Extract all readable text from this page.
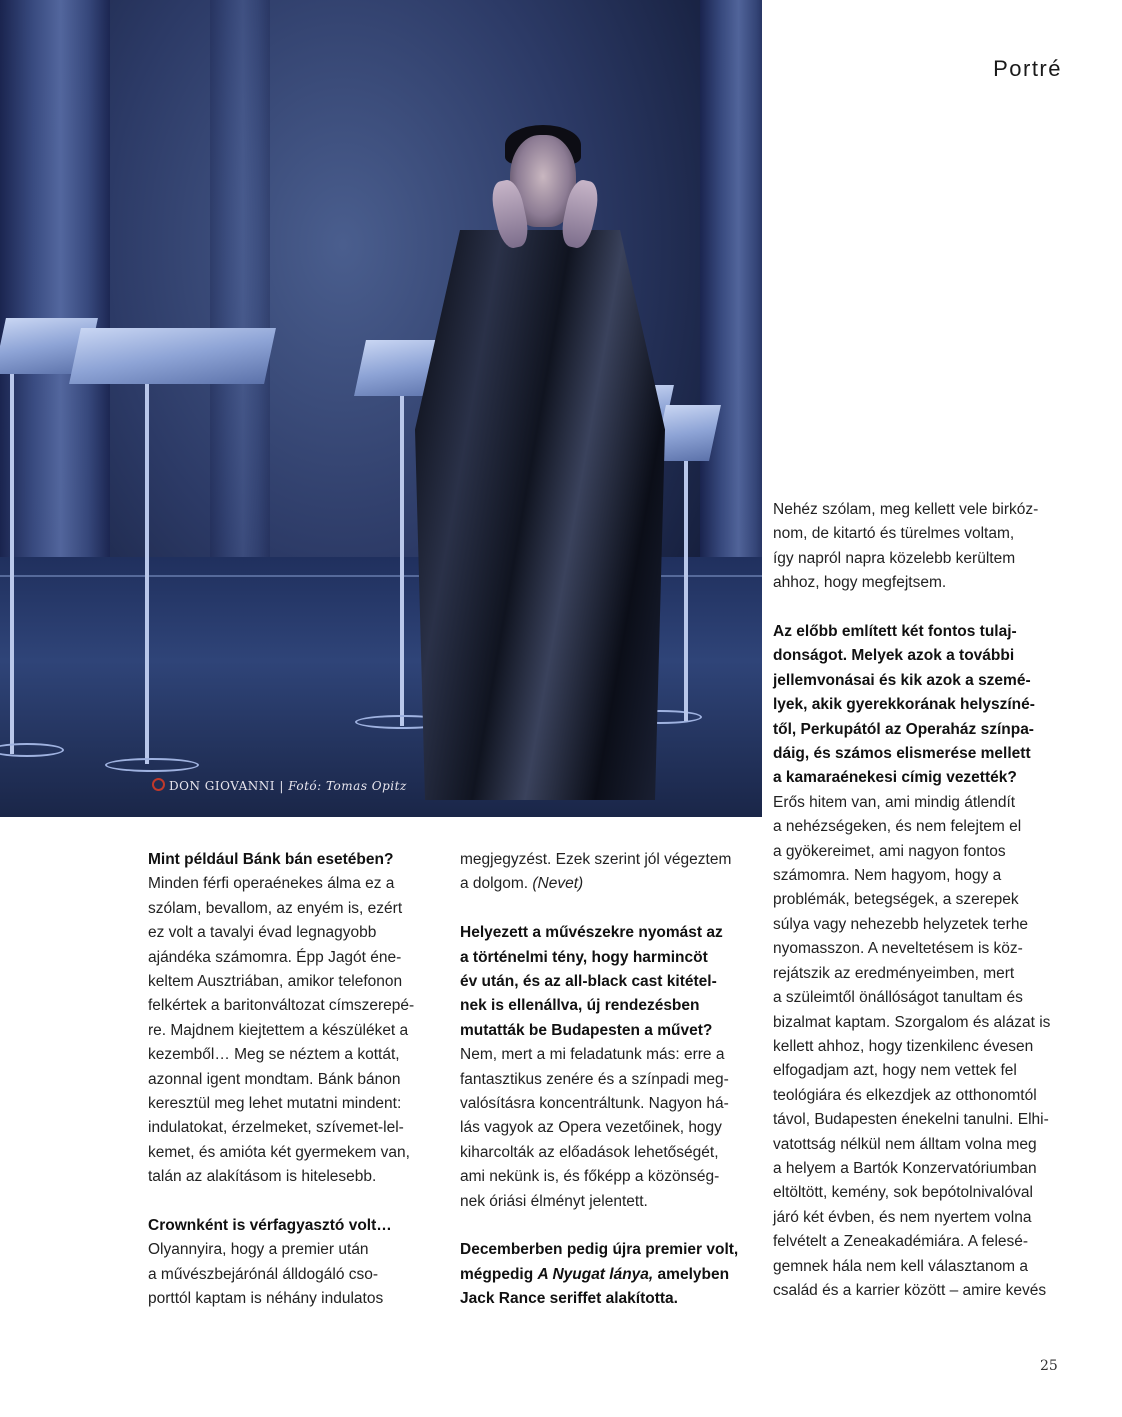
DON GIOVANNI | Fotó: Tomas Opitz
Portré

Nehéz szólam, meg kellett vele birkóz-

nom, de kitartó és türelmes voltam,

így napról napra közelebb kerültem

ahhoz, hogy megfejtsem.

Az előbb említett két fontos tulaj-

donságot. Melyek azok a további

jellemvonásai és kik azok a szemé-

lyek, akik gyerekkorának helyszíné-

től, Perkupától az Operaház színpa-

dáig, és számos elismerése mellett

a kamaraénekesi címig vezették?

Erős hitem van, ami mindig átlendít

a nehézségeken, és nem felejtem el

a gyökereimet, ami nagyon fontos

számomra. Nem hagyom, hogy a

problémák, betegségek, a szerepek

súlya vagy nehezebb helyzetek terhe

nyomasszon. A neveltetésem is köz-

rejátszik az eredményeimben, mert

a szüleimtől önállóságot tanultam és

bizalmat kaptam. Szorgalom és alázat is

kellett ahhoz, hogy tizenkilenc évesen

elfogadjam azt, hogy nem vettek fel

teológiára és elkezdjek az otthonomtól

távol, Budapesten énekelni tanulni. Elhi-

vatottság nélkül nem álltam volna meg

a helyem a Bartók Konzervatóriumban

eltöltött, kemény, sok bepótolnivalóval

járó két évben, és nem nyertem volna

felvételt a Zeneakadémiára. A felesé-

gemnek hála nem kell választanom a

család és a karrier között – amire kevés

Mint például Bánk bán esetében?

Minden férfi operaénekes álma ez a

szólam, bevallom, az enyém is, ezért

ez volt a tavalyi évad legnagyobb

ajándéka számomra. Épp Jagót éne-

keltem Ausztriában, amikor telefonon

felkértek a baritonváltozat címszerepé-

re. Majdnem kiejtettem a készüléket a

kezemből… Meg se néztem a kottát,

azonnal igent mondtam. Bánk bánon

keresztül meg lehet mutatni mindent:

indulatokat, érzelmeket, szívemet-lel-

kemet, és amióta két gyermekem van,

talán az alakításom is hitelesebb.

Crownként is vérfagyasztó volt…

Olyannyira, hogy a premier után

a művészbejárónál álldogáló cso-

porttól kaptam is néhány indulatos

megjegyzést. Ezek szerint jól végeztem

a dolgom. (Nevet)

Helyezett a művészekre nyomást az

a történelmi tény, hogy harmincöt

év után, és az all-black cast kitétel-

nek is ellenállva, új rendezésben

mutatták be Budapesten a művet?

Nem, mert a mi feladatunk más: erre a

fantasztikus zenére és a színpadi meg-

valósításra koncentráltunk. Nagyon há-

lás vagyok az Opera vezetőinek, hogy

kiharcolták az előadások lehetőségét,

ami nekünk is, és főképp a közönség-

nek óriási élményt jelentett.

Decemberben pedig újra premier volt,

mégpedig A Nyugat lánya, amelyben

Jack Rance seriffet alakította.

25
